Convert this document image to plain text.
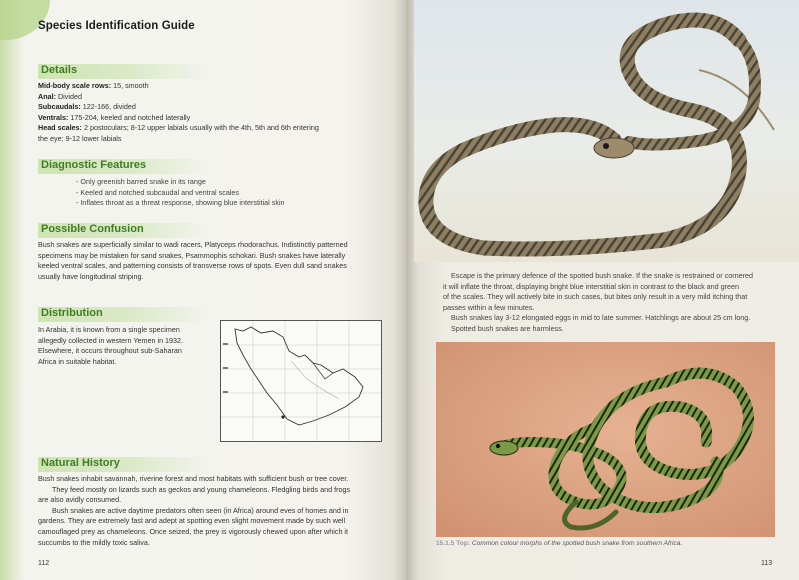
Species Identification Guide
Details
Mid-body scale rows: 15, smooth
Anal: Divided
Subcaudals: 122-166, divided
Ventrals: 175-204, keeled and notched laterally
Head scales: 2 postoculars; 8-12 upper labials usually with the 4th, 5th and 6th entering
the eye; 9-12 lower labials
Diagnostic Features
- Only greenish barred snake in its range
- Keeled and notched subcaudal and ventral scales
- Inflates throat as a threat response, showing blue interstitial skin
Possible Confusion
Bush snakes are superficially similar to wadi racers, Platyceps rhodorachus. Indistinctly patterned
specimens may be mistaken for sand snakes, Psammophis schokari. Bush snakes have laterally
keeled ventral scales, and patterning consists of transverse rows of spots. Even dull sand snakes
usually have longitudinal striping.
Distribution
In Arabia, it is known from a single specimen
allegedly collected in western Yemen in 1932.
Elsewhere, it occurs throughout sub-Saharan
Africa in suitable habitat.
Natural History
Bush snakes inhabit savannah, riverine forest and most habitats with sufficient bush or tree cover.
They feed mostly on lizards such as geckos and young chameleons. Fledgling birds and frogs
are also avidly consumed.
Bush snakes are active daytime predators often seen (in Africa) around eves of homes and in
gardens. They are extremely fast and adept at spotting even slight movement made by such well
camouflaged prey as chameleons. Once seized, the prey is vigorously chewed upon after which it
succumbs to the mildly toxic saliva.
112
Escape is the primary defence of the spotted bush snake. If the snake is restrained or cornered
it will inflate the throat, displaying bright blue interstitial skin in contrast to the black and green
of the scales. They will actively bite in such cases, but bites only result in a very mild itching that
passes within a few minutes.
Bush snakes lay 3-12 elongated eggs in mid to late summer. Hatchlings are about 25 cm long.
Spotted bush snakes are harmless.
15.1.5 Top: Common colour morphs of the spotted bush snake from southern Africa.
113
